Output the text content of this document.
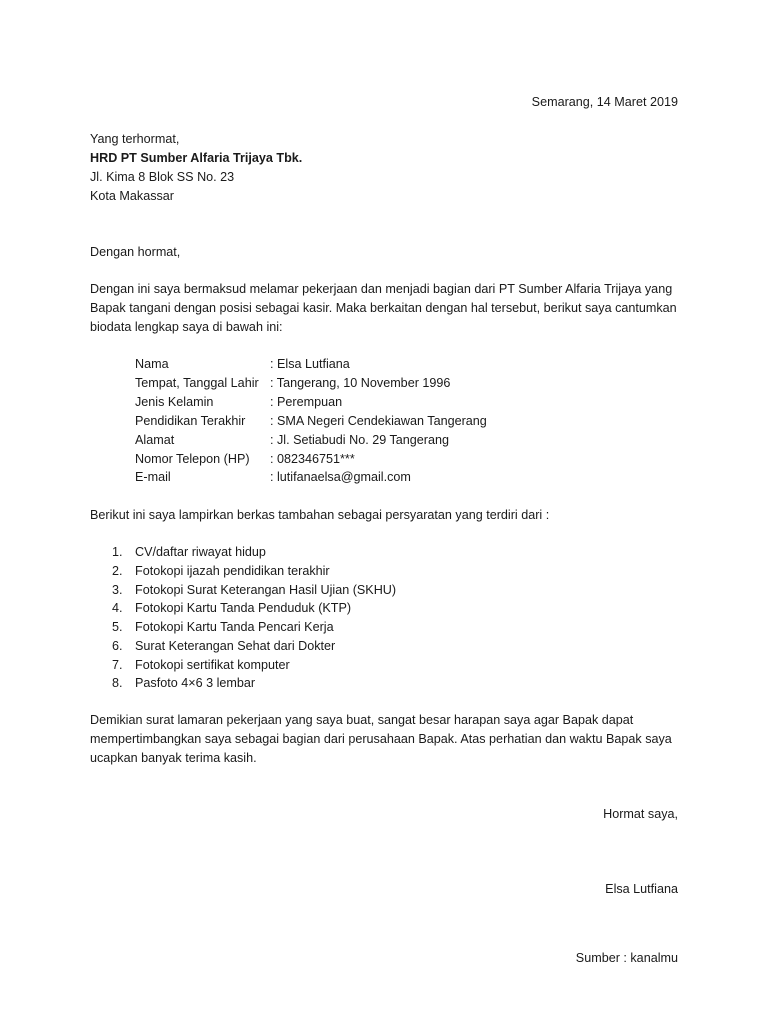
Semarang, 14 Maret 2019
Yang terhormat,
HRD PT Sumber Alfaria Trijaya Tbk.
Jl. Kima 8 Blok SS No. 23
Kota Makassar
Dengan hormat,
Dengan ini saya bermaksud melamar pekerjaan dan menjadi bagian dari PT Sumber Alfaria Trijaya yang Bapak tangani dengan posisi sebagai kasir. Maka berkaitan dengan hal tersebut, berikut saya cantumkan biodata lengkap saya di bawah ini:
Nama	: Elsa Lutfiana
Tempat, Tanggal Lahir : Tangerang, 10 November 1996
Jenis Kelamin	: Perempuan
Pendidikan Terakhir : SMA Negeri Cendekiawan Tangerang
Alamat	: Jl. Setiabudi No. 29 Tangerang
Nomor Telepon (HP) : 082346751***
E-mail	: lutifanaelsa@gmail.com
Berikut ini saya lampirkan berkas tambahan sebagai persyaratan yang terdiri dari :
1. CV/daftar riwayat hidup
2. Fotokopi ijazah pendidikan terakhir
3. Fotokopi Surat Keterangan Hasil Ujian (SKHU)
4. Fotokopi Kartu Tanda Penduduk (KTP)
5. Fotokopi Kartu Tanda Pencari Kerja
6. Surat Keterangan Sehat dari Dokter
7. Fotokopi sertifikat komputer
8. Pasfoto 4×6 3 lembar
Demikian surat lamaran pekerjaan yang saya buat, sangat besar harapan saya agar Bapak dapat mempertimbangkan saya sebagai bagian dari perusahaan Bapak. Atas perhatian dan waktu Bapak saya ucapkan banyak terima kasih.
Hormat saya,
Elsa Lutfiana
Sumber : kanalmu
